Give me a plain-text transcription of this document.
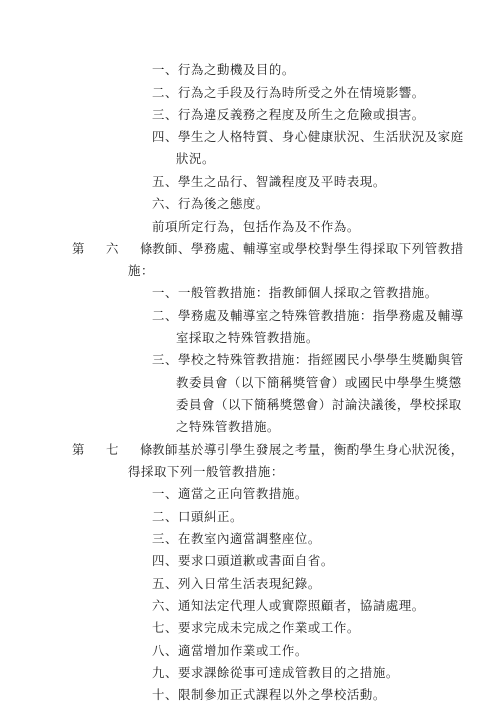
一、行為之動機及目的。
二、行為之手段及行為時所受之外在情境影響。
三、行為違反義務之程度及所生之危險或損害。
四、學生之人格特質、身心健康狀況、生活狀況及家庭
狀況。
五、學生之品行、智識程度及平時表現。
六、行為後之態度。
前項所定行為，包括作為及不作為。
第 六 條 教師、學務處、輔導室或學校對學生得採取下列管教措
施：
一、一般管教措施：指教師個人採取之管教措施。
二、學務處及輔導室之特殊管教措施：指學務處及輔導
室採取之特殊管教措施。
三、學校之特殊管教措施：指經國民小學學生獎勵與管
教委員會（以下簡稱獎管會）或國民中學學生獎懲
委員會（以下簡稱獎懲會）討論決議後，學校採取
之特殊管教措施。
第 七 條 教師基於導引學生發展之考量，衡酌學生身心狀況後，
得採取下列一般管教措施：
一、適當之正向管教措施。
二、口頭糾正。
三、在教室內適當調整座位。
四、要求口頭道歉或書面自省。
五、列入日常生活表現紀錄。
六、通知法定代理人或實際照顧者，協請處理。
七、要求完成未完成之作業或工作。
八、適當增加作業或工作。
九、要求課餘從事可達成管教目的之措施。
十、限制參加正式課程以外之學校活動。
